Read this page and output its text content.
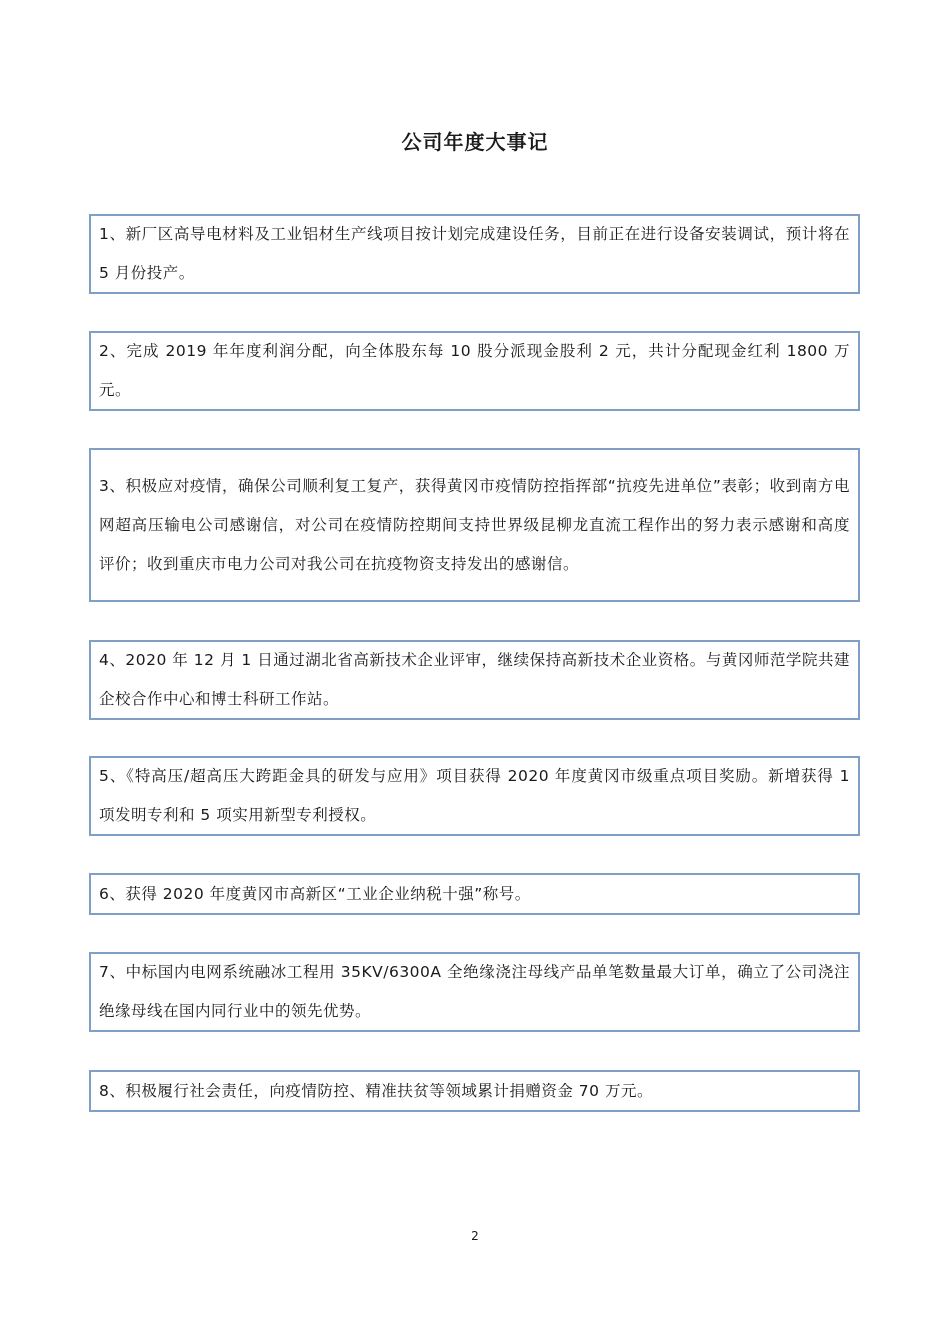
公司年度大事记

1、新厂区高导电材料及工业铝材生产线项目按计划完成建设任务，目前正在进行设备安装调试，预计将在 5 月份投产。

2、完成 2019 年年度利润分配，向全体股东每 10 股分派现金股利 2 元，共计分配现金红利 1800 万元。

3、积极应对疫情，确保公司顺利复工复产，获得黄冈市疫情防控指挥部“抗疫先进单位”表彰；收到南方电网超高压输电公司感谢信，对公司在疫情防控期间支持世界级昆柳龙直流工程作出的努力表示感谢和高度评价；收到重庆市电力公司对我公司在抗疫物资支持发出的感谢信。

4、2020 年 12 月 1 日通过湖北省高新技术企业评审，继续保持高新技术企业资格。与黄冈师范学院共建企校合作中心和博士科研工作站。

5、《特高压/超高压大跨距金具的研发与应用》项目获得 2020 年度黄冈市级重点项目奖励。新增获得 1 项发明专利和 5 项实用新型专利授权。

6、获得 2020 年度黄冈市高新区“工业企业纳税十强”称号。

7、中标国内电网系统融冰工程用 35KV/6300A 全绝缘浇注母线产品单笔数量最大订单，确立了公司浇注绝缘母线在国内同行业中的领先优势。

8、积极履行社会责任，向疫情防控、精准扶贫等领域累计捐赠资金 70 万元。

2
